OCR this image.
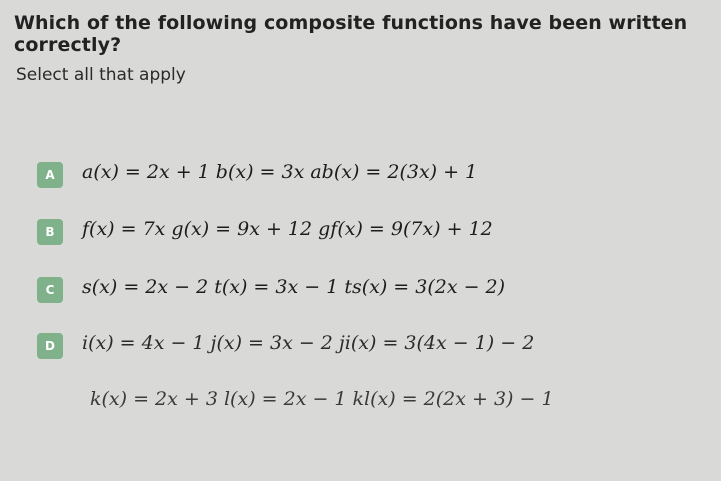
Which of the following composite functions have been written correctly?
Select all that apply
A	a(x) = 2x + 1 b(x) = 3x ab(x) = 2(3x) + 1
B	f(x) = 7x g(x) = 9x + 12 gf(x) = 9(7x) + 12
C	s(x) = 2x − 2 t(x) = 3x − 1 ts(x) = 3(2x − 2)
D	i(x) = 4x − 1 j(x) = 3x − 2 ji(x) = 3(4x − 1) − 2
k(x) = 2x + 3 l(x) = 2x − 1 kl(x) = 2(2x + 3) − 1
